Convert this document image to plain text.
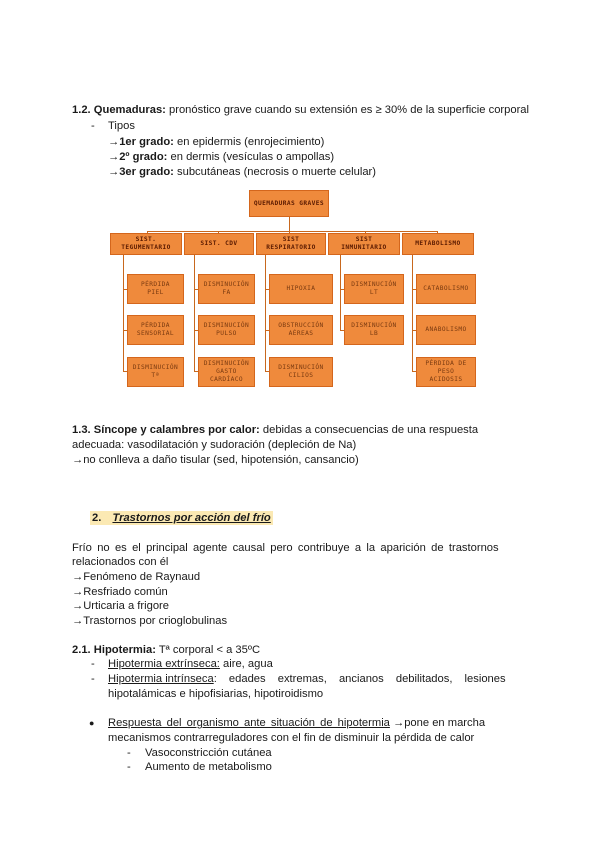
1.2. Quemaduras: pronóstico grave cuando su extensión es ≥ 30% de la superficie corporal
- Tipos
→1er grado: en epidermis (enrojecimiento)
→2º grado: en dermis (vesículas o ampollas)
→3er grado: subcutáneas (necrosis o muerte celular)
QUEMADURAS GRAVES
SIST. TEGUMENTARIO
SIST. CDV
SIST RESPIRATORIO
SIST INMUNITARIO
METABOLISMO
PÉRDIDA PIEL
PÉRDIDA SENSORIAL
DISMINUCIÓN Tª
DISMINUCIÓN FA
DISMINUCIÓN PULSO
DISMINUCIÓN GASTO CARDÍACO
HIPOXIA
OBSTRUCCIÓN AÉREAS
DISMINUCIÓN CILIOS
DISMINUCIÓN LT
DISMINUCIÓN LB
CATABOLISMO
ANABOLISMO
PÉRDIDA DE PESO ACIDOSIS
1.3. Síncope y calambres por calor: debidas a consecuencias de una respuesta
adecuada: vasodilatación y sudoración (depleción de Na)
→no conlleva a daño tisular (sed, hipotensión, cansancio)
2. Trastornos por acción del frío
Frío no es el principal agente causal pero contribuye a la aparición de trastornos
relacionados con él
→Fenómeno de Raynaud
→Resfriado común
→Urticaria a frigore
→Trastornos por crioglobulinas
2.1. Hipotermia: Tª corporal < a 35ºC
- Hipotermia extrínseca: aire, agua
- Hipotermia intrínseca: edades extremas, ancianos debilitados, lesiones
hipotalámicas e hipofisiarias, hipotiroidismo
● Respuesta del organismo ante situación de hipotermia →pone en marcha
mecanismos contrarreguladores con el fin de disminuir la pérdida de calor
- Vasoconstricción cutánea
- Aumento de metabolismo
